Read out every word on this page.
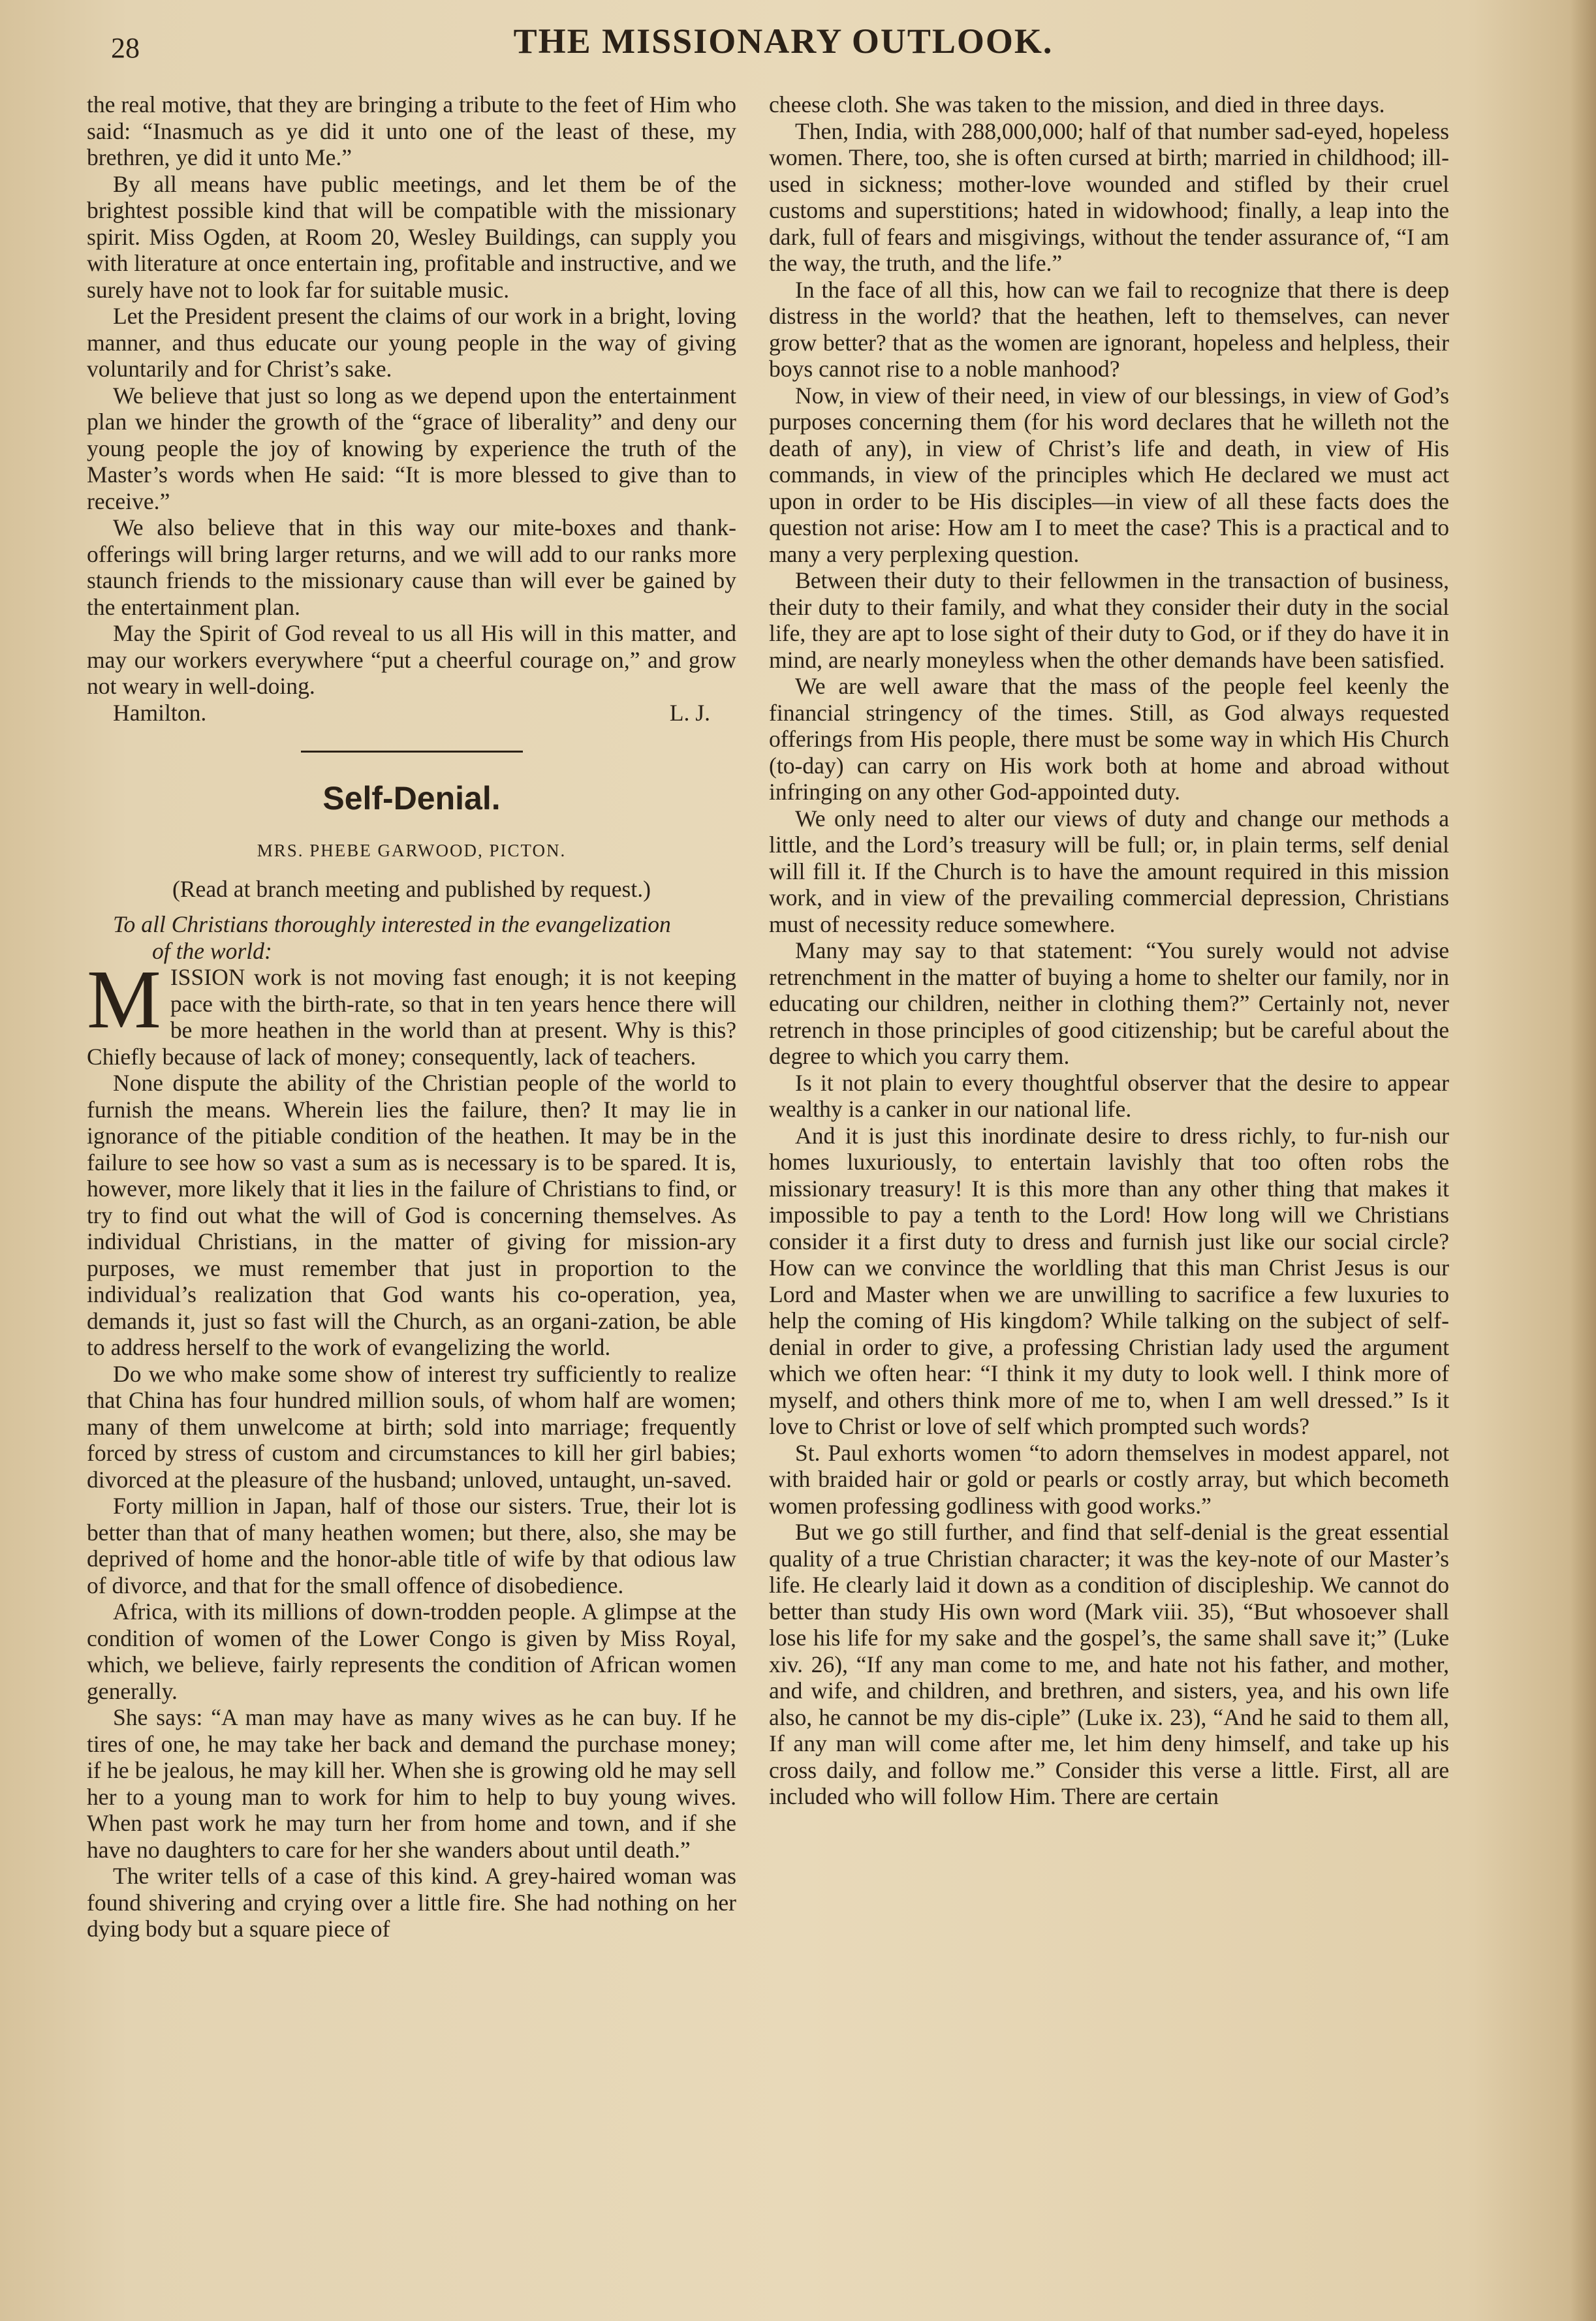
28	THE MISSIONARY OUTLOOK.

the real motive, that they are bringing a tribute to the feet of Him who said: “Inasmuch as ye did it unto one of the least of these, my brethren, ye did it unto Me.”

By all means have public meetings, and let them be of the brightest possible kind that will be compatible with the missionary spirit. Miss Ogden, at Room 20, Wesley Buildings, can supply you with literature at once entertain ing, profitable and instructive, and we surely have not to look far for suitable music.

Let the President present the claims of our work in a bright, loving manner, and thus educate our young people in the way of giving voluntarily and for Christ’s sake.

We believe that just so long as we depend upon the entertainment plan we hinder the growth of the “grace of liberality” and deny our young people the joy of knowing by experience the truth of the Master’s words when He said: “It is more blessed to give than to receive.”

We also believe that in this way our mite-boxes and thank-offerings will bring larger returns, and we will add to our ranks more staunch friends to the missionary cause than will ever be gained by the entertainment plan.

May the Spirit of God reveal to us all His will in this matter, and may our workers everywhere “put a cheerful courage on,” and grow not weary in well-doing.

Hamilton.	L. J.
Self-Denial.
MRS. PHEBE GARWOOD, PICTON.
(Read at branch meeting and published by request.)

To all Christians thoroughly interested in the evangelization
of the world:

MISSION work is not moving fast enough; it is not keeping pace with the birth-rate, so that in ten years hence there will be more heathen in the world than at present. Why is this? Chiefly because of lack of money; consequently, lack of teachers.

None dispute the ability of the Christian people of the world to furnish the means. Wherein lies the failure, then? It may lie in ignorance of the pitiable condition of the heathen. It may be in the failure to see how so vast a sum as is necessary is to be spared. It is, however, more likely that it lies in the failure of Christians to find, or try to find out what the will of God is concerning themselves. As individual Christians, in the matter of giving for mission-ary purposes, we must remember that just in proportion to the individual’s realization that God wants his co-operation, yea, demands it, just so fast will the Church, as an organi-zation, be able to address herself to the work of evangelizing the world.

Do we who make some show of interest try sufficiently to realize that China has four hundred million souls, of whom half are women; many of them unwelcome at birth; sold into marriage; frequently forced by stress of custom and circumstances to kill her girl babies; divorced at the pleasure of the husband; unloved, untaught, un-saved.

Forty million in Japan, half of those our sisters. True, their lot is better than that of many heathen women; but there, also, she may be deprived of home and the honor-able title of wife by that odious law of divorce, and that for the small offence of disobedience.

Africa, with its millions of down-trodden people. A glimpse at the condition of women of the Lower Congo is given by Miss Royal, which, we believe, fairly represents the condition of African women generally.

She says: “A man may have as many wives as he can buy. If he tires of one, he may take her back and demand the purchase money; if he be jealous, he may kill her. When she is growing old he may sell her to a young man to work for him to help to buy young wives. When past work he may turn her from home and town, and if she have no daughters to care for her she wanders about until death.”

The writer tells of a case of this kind. A grey-haired woman was found shivering and crying over a little fire. She had nothing on her dying body but a square piece of

cheese cloth. She was taken to the mission, and died in three days.

Then, India, with 288,000,000; half of that number sad-eyed, hopeless women. There, too, she is often cursed at birth; married in childhood; ill-used in sickness; mother-love wounded and stifled by their cruel customs and superstitions; hated in widowhood; finally, a leap into the dark, full of fears and misgivings, without the tender assurance of, “I am the way, the truth, and the life.”

In the face of all this, how can we fail to recognize that there is deep distress in the world? that the heathen, left to themselves, can never grow better? that as the women are ignorant, hopeless and helpless, their boys cannot rise to a noble manhood?

Now, in view of their need, in view of our blessings, in view of God’s purposes concerning them (for his word declares that he willeth not the death of any), in view of Christ’s life and death, in view of His commands, in view of the principles which He declared we must act upon in order to be His disciples—in view of all these facts does the question not arise: How am I to meet the case? This is a practical and to many a very perplexing question.

Between their duty to their fellowmen in the transaction of business, their duty to their family, and what they consider their duty in the social life, they are apt to lose sight of their duty to God, or if they do have it in mind, are nearly moneyless when the other demands have been satisfied.

We are well aware that the mass of the people feel keenly the financial stringency of the times. Still, as God always requested offerings from His people, there must be some way in which His Church (to-day) can carry on His work both at home and abroad without infringing on any other God-appointed duty.

We only need to alter our views of duty and change our methods a little, and the Lord’s treasury will be full; or, in plain terms, self denial will fill it. If the Church is to have the amount required in this mission work, and in view of the prevailing commercial depression, Christians must of necessity reduce somewhere.

Many may say to that statement: “You surely would not advise retrenchment in the matter of buying a home to shelter our family, nor in educating our children, neither in clothing them?” Certainly not, never retrench in those principles of good citizenship; but be careful about the degree to which you carry them.

Is it not plain to every thoughtful observer that the desire to appear wealthy is a canker in our national life.

And it is just this inordinate desire to dress richly, to fur-nish our homes luxuriously, to entertain lavishly that too often robs the missionary treasury! It is this more than any other thing that makes it impossible to pay a tenth to the Lord! How long will we Christians consider it a first duty to dress and furnish just like our social circle? How can we convince the worldling that this man Christ Jesus is our Lord and Master when we are unwilling to sacrifice a few luxuries to help the coming of His kingdom? While talking on the subject of self-denial in order to give, a professing Christian lady used the argument which we often hear: “I think it my duty to look well. I think more of myself, and others think more of me to, when I am well dressed.” Is it love to Christ or love of self which prompted such words?

St. Paul exhorts women “to adorn themselves in modest apparel, not with braided hair or gold or pearls or costly array, but which becometh women professing godliness with good works.”

But we go still further, and find that self-denial is the great essential quality of a true Christian character; it was the key-note of our Master’s life. He clearly laid it down as a condition of discipleship. We cannot do better than study His own word (Mark viii. 35), “But whosoever shall lose his life for my sake and the gospel’s, the same shall save it;” (Luke xiv. 26), “If any man come to me, and hate not his father, and mother, and wife, and children, and brethren, and sisters, yea, and his own life also, he cannot be my dis-ciple” (Luke ix. 23), “And he said to them all, If any man will come after me, let him deny himself, and take up his cross daily, and follow me.” Consider this verse a little. First, all are included who will follow Him. There are certain
